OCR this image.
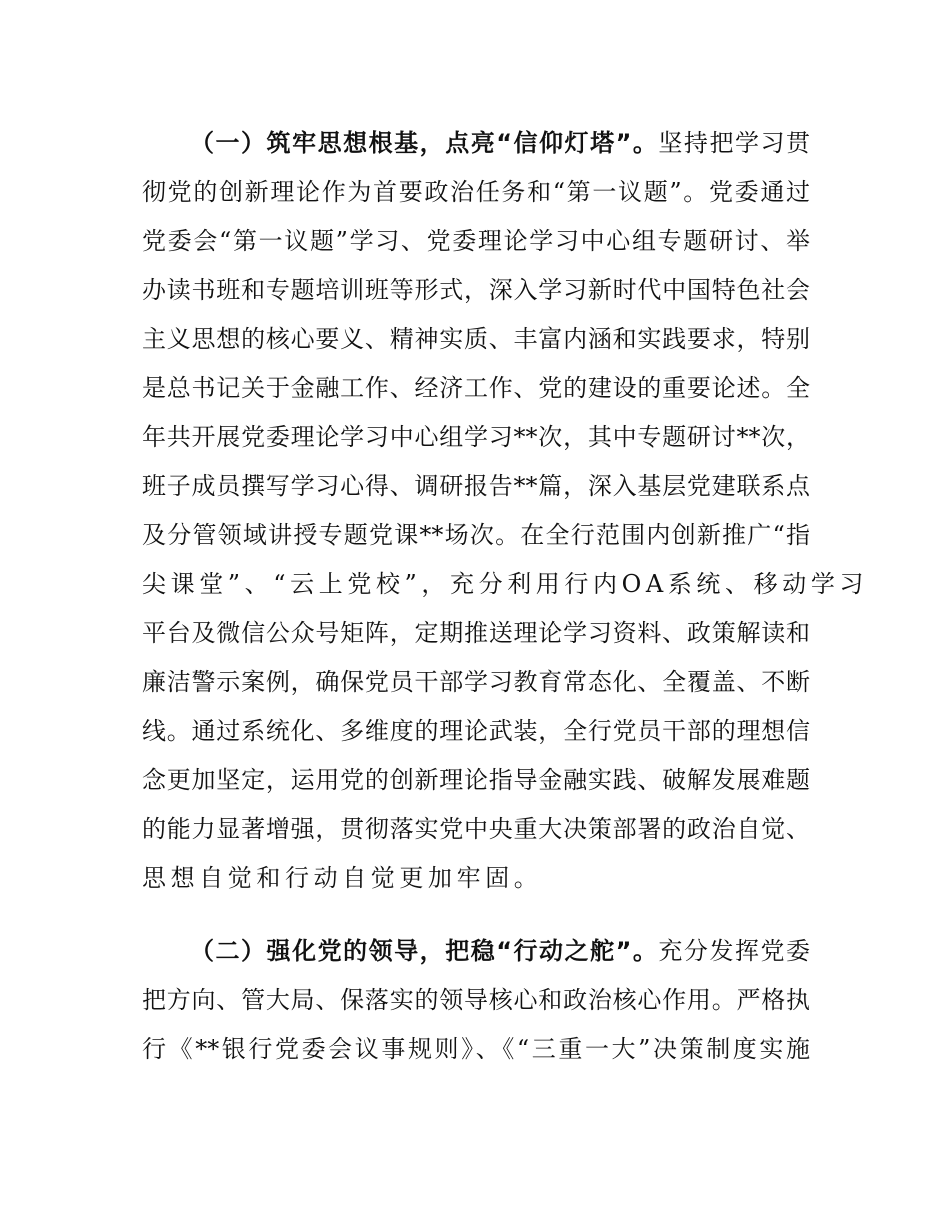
（一）筑牢思想根基，点亮“信仰灯塔”。坚持把学习贯
彻党的创新理论作为首要政治任务和“第一议题”。党委通过
党委会“第一议题”学习、党委理论学习中心组专题研讨、举
办读书班和专题培训班等形式，深入学习新时代中国特色社会
主义思想的核心要义、精神实质、丰富内涵和实践要求，特别
是总书记关于金融工作、经济工作、党的建设的重要论述。全
年共开展党委理论学习中心组学习**次，其中专题研讨**次，
班子成员撰写学习心得、调研报告**篇，深入基层党建联系点
及分管领域讲授专题党课**场次。在全行范围内创新推广“指
尖课堂”、“云上党校”，充分利用行内OA系统、移动学习
平台及微信公众号矩阵，定期推送理论学习资料、政策解读和
廉洁警示案例，确保党员干部学习教育常态化、全覆盖、不断
线。通过系统化、多维度的理论武装，全行党员干部的理想信
念更加坚定，运用党的创新理论指导金融实践、破解发展难题
的能力显著增强，贯彻落实党中央重大决策部署的政治自觉、
思想自觉和行动自觉更加牢固。
（二）强化党的领导，把稳“行动之舵”。充分发挥党委
把方向、管大局、保落实的领导核心和政治核心作用。严格执
行《**银行党委会议事规则》、《“三重一大”决策制度实施
